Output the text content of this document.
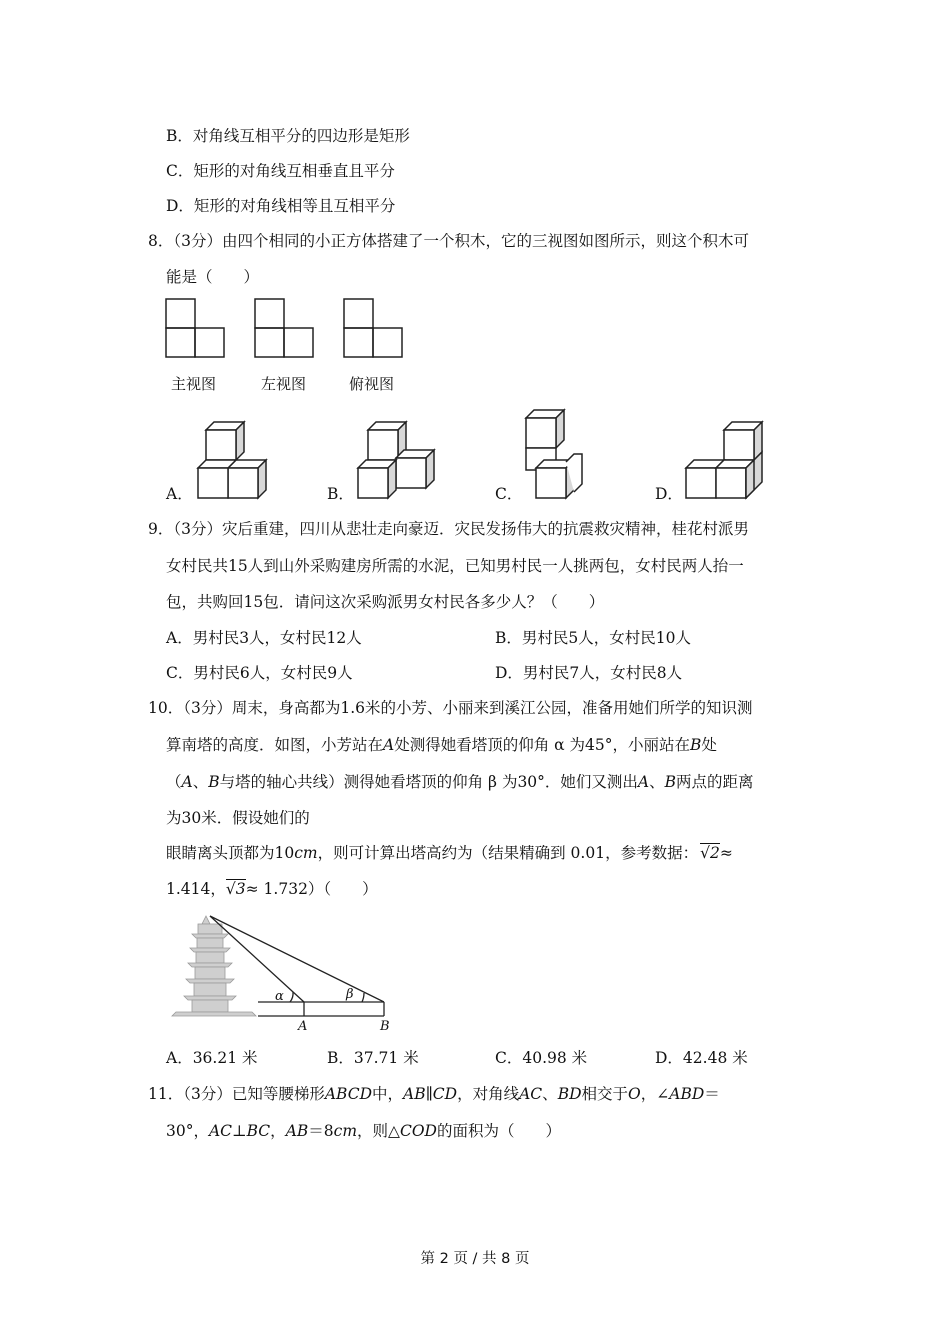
B．对角线互相平分的四边形是矩形
C．矩形的对角线互相垂直且平分
D．矩形的对角线相等且互相平分
8．（3分）由四个相同的小正方体搭建了一个积木，它的三视图如图所示，则这个积木可
能是（　　）
主视图	左视图	俯视图
A．	B．	C．	D．
9．（3分）灾后重建，四川从悲壮走向豪迈．灾民发扬伟大的抗震救灾精神，桂花村派男
女村民共15人到山外采购建房所需的水泥，已知男村民一人挑两包，女村民两人抬一
包，共购回15包．请问这次采购派男女村民各多少人？（　　）
A．男村民3人，女村民12人	B．男村民5人，女村民10人
C．男村民6人，女村民9人	D．男村民7人，女村民8人
10．（3分）周末，身高都为1.6米的小芳、小丽来到溪江公园，准备用她们所学的知识测
算南塔的高度．如图，小芳站在A处测得她看塔顶的仰角 α 为45°，小丽站在B处
（A、B与塔的轴心共线）测得她看塔顶的仰角 β 为30°．她们又测出A、B两点的距离
为30米．假设她们的
眼睛离头顶都为10cm，则可计算出塔高约为（结果精确到 0.01，参考数据： √2≈
1.414，√3≈ 1.732）（　　）
α	β
A	B
A．36.21 米	B．37.71 米	C．40.98 米	D．42.48 米
11．（3分）已知等腰梯形ABCD中，AB∥CD，对角线AC、BD相交于O，∠ABD＝
30°，AC⊥BC，AB＝8cm，则△COD的面积为（　　）
第 2 页 / 共 8 页
